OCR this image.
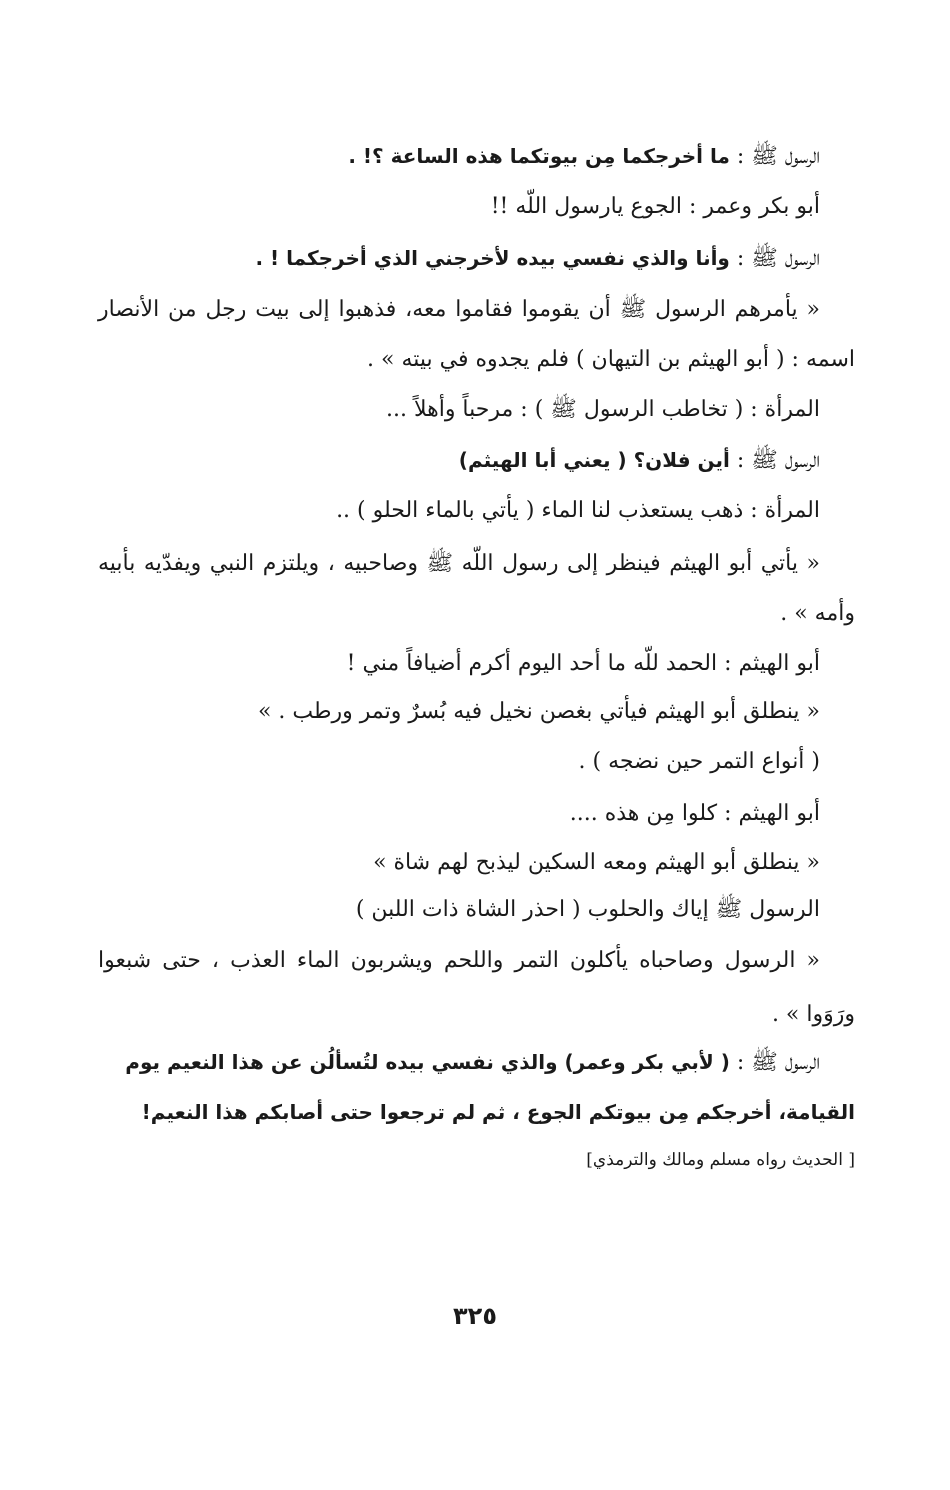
الرسول ﷺ : ما أخرجكما مِن بيوتكما هذه الساعة ؟! .
أبو بكر وعمر : الجوع يارسول اللّه !!
الرسول ﷺ : وأنا والذي نفسي بيده لأخرجني الذي أخرجكما ! .
« يأمرهم الرسول ﷺ أن يقوموا فقاموا معه، فذهبوا إلى بيت رجل من الأنصار
اسمه : ( أبو الهيثم بن التيهان ) فلم يجدوه في بيته » .
المرأة : ( تخاطب الرسول ﷺ ) : مرحباً وأهلاً ...
الرسول ﷺ : أين فلان؟ ( يعني أبا الهيثم)
المرأة : ذهب يستعذب لنا الماء ( يأتي بالماء الحلو ) ..
« يأتي أبو الهيثم فينظر إلى رسول اللّه ﷺ وصاحبيه ، ويلتزم النبي ويفدّيه بأبيه
وأمه » .
أبو الهيثم : الحمد للّه ما أحد اليوم أكرم أضيافاً مني !
« ينطلق أبو الهيثم فيأتي بغصن نخيل فيه بُسرٌ وتمر ورطب . »
( أنواع التمر حين نضجه ) .
أبو الهيثم : كلوا مِن هذه ....
« ينطلق أبو الهيثم ومعه السكين ليذبح لهم شاة »
الرسول ﷺ إياك والحلوب ( احذر الشاة ذات اللبن )
« الرسول وصاحباه يأكلون التمر واللحم ويشربون الماء العذب ، حتى شبعوا
ورَوَوا » .
الرسول ﷺ : ( لأبي بكر وعمر) والذي نفسي بيده لتُسألُن عن هذا النعيم يوم
القيامة، أخرجكم مِن بيوتكم الجوع ، ثم لم ترجعوا حتى أصابكم هذا النعيم!
[ الحديث رواه مسلم ومالك والترمذي]
٣٢٥
